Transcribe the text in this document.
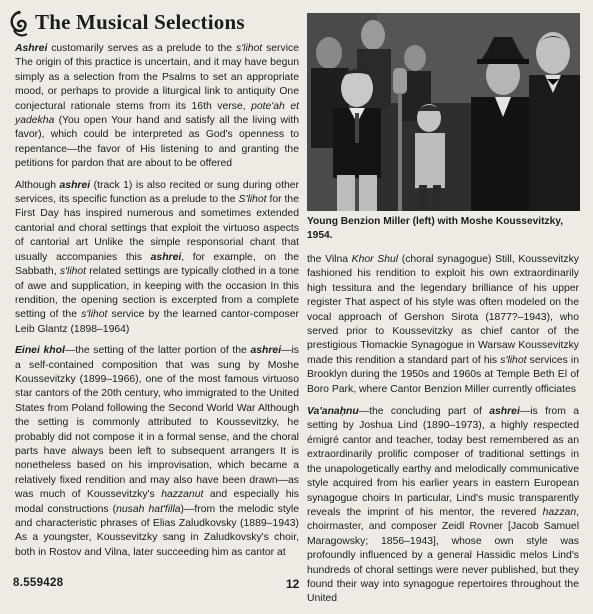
The Musical Selections

Ashrei customarily serves as a prelude to the s'lihot service The origin of this practice is uncertain, and it may have begun simply as a selection from the Psalms to set an appropriate mood, or perhaps to provide a liturgical link to antiquity One conjectural rationale stems from its 16th verse, pote'ah et yadekha (You open Your hand and satisfy all the living with favor), which could be interpreted as God's openness to repentance—the favor of His listening to and granting the petitions for pardon that are about to be offered

Although ashrei (track 1) is also recited or sung during other services, its specific function as a prelude to the S'lihot for the First Day has inspired numerous and sometimes extended cantorial and choral settings that exploit the virtuoso aspects of cantorial art Unlike the simple responsorial chant that usually accompanies this ashrei, for example, on the Sabbath, s'lihot related settings are typically clothed in a tone of awe and supplication, in keeping with the occasion In this rendition, the opening section is excerpted from a complete setting of the s'lihot service by the learned cantor-composer Leib Glantz (1898–1964)

Einei khol—the setting of the latter portion of the ashrei—is a self-contained composition that was sung by Moshe Koussevitzky (1899–1966), one of the most famous virtuoso star cantors of the 20th century, who immigrated to the United States from Poland following the Second World War Although the setting is commonly attributed to Koussevitzky, he probably did not compose it in a formal sense, and the choral parts have always been left to subsequent arrangers It is nonetheless based on his improvisation, which became a relatively fixed rendition and may also have been drawn—as was much of Koussevitzky's hazzanut and especially his modal constructions (nusah hat'filla)—from the melodic style and characteristic phrases of Elias Zaludkovsky (1889–1943) As a youngster, Koussevitzky sang in Zaludkovsky's choir, both in Rostov and Vilna, later succeeding him as cantor at

Young Benzion Miller (left) with Moshe Koussevitzky,
1954.

the Vilna Khor Shul (choral synagogue) Still, Koussevitzky fashioned his rendition to exploit his own extraordinarily high tessitura and the legendary brilliance of his upper register That aspect of his style was often modeled on the vocal approach of Gershon Sirota (1877?–1943), who served prior to Koussevitzky as chief cantor of the prestigious Tłomackie Synagogue in Warsaw Koussevitzky made this rendition a standard part of his s'lihot services in Brooklyn during the 1950s and 1960s at Temple Beth El of Boro Park, where Cantor Benzion Miller currently officiates

Va'anaḥnu—the concluding part of ashrei—is from a setting by Joshua Lind (1890–1973), a highly respected émigré cantor and teacher, today best remembered as an extraordinarily prolific composer of traditional settings in the unapologetically earthy and melodically communicative style acquired from his earlier years in eastern European synagogue choirs In particular, Lind's music transparently reveals the imprint of his mentor, the revered hazzan, choirmaster, and composer Zeidl Rovner [Jacob Samuel Maragowsky; 1856–1943], whose own style was profoundly influenced by a general Hassidic melos Lind's hundreds of choral settings were never published, but they found their way into synagogue repertoires throughout the United

8.559428	12
